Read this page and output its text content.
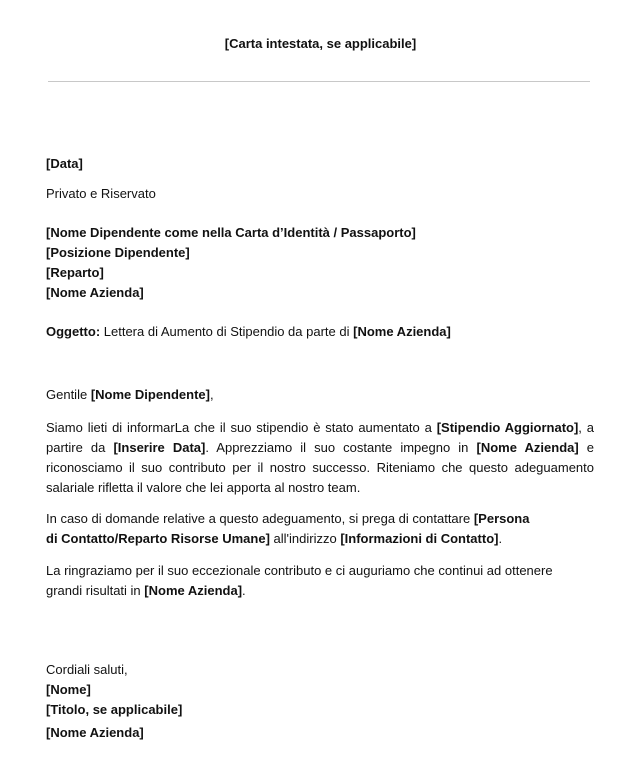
[Carta intestata, se applicabile]
[Data]
Privato e Riservato
[Nome Dipendente come nella Carta d’Identità / Passaporto]
[Posizione Dipendente]
[Reparto]
[Nome Azienda]
Oggetto: Lettera di Aumento di Stipendio da parte di [Nome Azienda]
Gentile [Nome Dipendente],
Siamo lieti di informarLa che il suo stipendio è stato aumentato a [Stipendio Aggiornato], a partire da [Inserire Data]. Apprezziamo il suo costante impegno in [Nome Azienda] e riconosciamo il suo contributo per il nostro successo. Riteniamo che questo adeguamento salariale rifletta il valore che lei apporta al nostro team.
In caso di domande relative a questo adeguamento, si prega di contattare [Persona
di Contatto/Reparto Risorse Umane] all'indirizzo [Informazioni di Contatto].
La ringraziamo per il suo eccezionale contributo e ci auguriamo che continui ad ottenere
grandi risultati in [Nome Azienda].
Cordiali saluti,
[Nome]
[Titolo, se applicabile]
[Nome Azienda]
